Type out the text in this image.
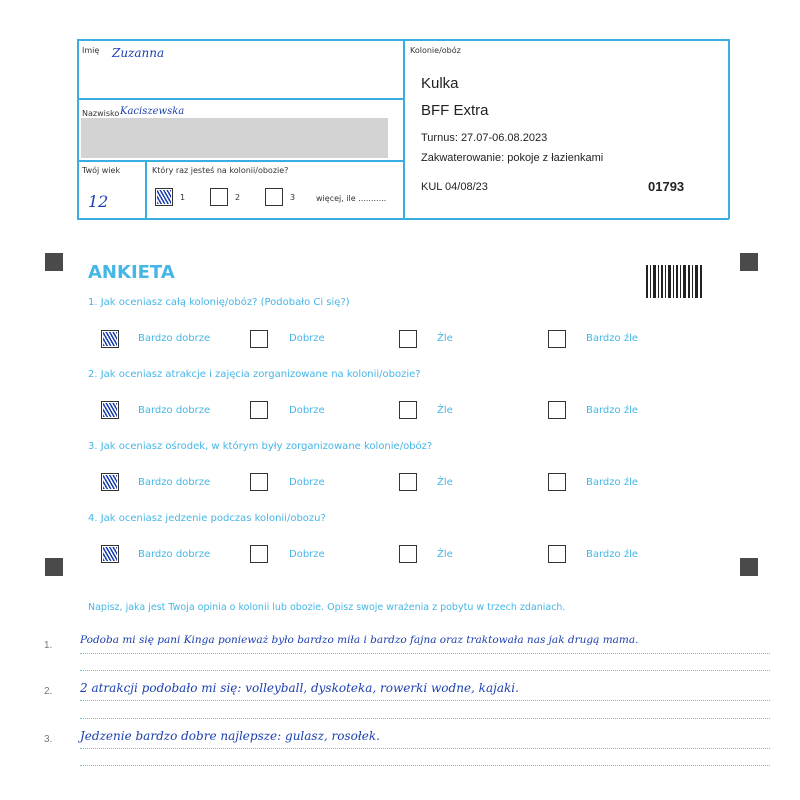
Imię Zuzanna
Nazwisko Kaciszewska
Twój wiek
12
Który raz jesteś na kolonii/obozie?
1	2	3	więcej, ile ...........
Kolonie/obóz
Kulka
BFF Extra
Turnus: 27.07-06.08.2023
Zakwaterowanie: pokoje z łazienkami
KUL 04/08/23	01793
ANKIETA
1. Jak oceniasz całą kolonię/obóz? (Podobało Ci się?)
Bardzo dobrze	Dobrze	Źle	Bardzo źle
2. Jak oceniasz atrakcje i zajęcia zorganizowane na kolonii/obozie?
Bardzo dobrze	Dobrze	Źle	Bardzo źle
3. Jak oceniasz ośrodek, w którym były zorganizowane kolonie/obóz?
Bardzo dobrze	Dobrze	Źle	Bardzo źle
4. Jak oceniasz jedzenie podczas kolonii/obozu?
Bardzo dobrze	Dobrze	Źle	Bardzo źle
Napisz, jaka jest Twoja opinia o kolonii lub obozie. Opisz swoje wrażenia z pobytu w trzech zdaniach.
1.	Podoba mi się pani Kinga ponieważ było bardzo miła i bardzo fajna oraz traktowała nas jak drugą mama.
2. 2 atrakcji podobało mi się: volleyball, dyskoteka, rowerki wodne, kajaki.
3. Jedzenie bardzo dobre najlepsze: gulasz, rosołek.
